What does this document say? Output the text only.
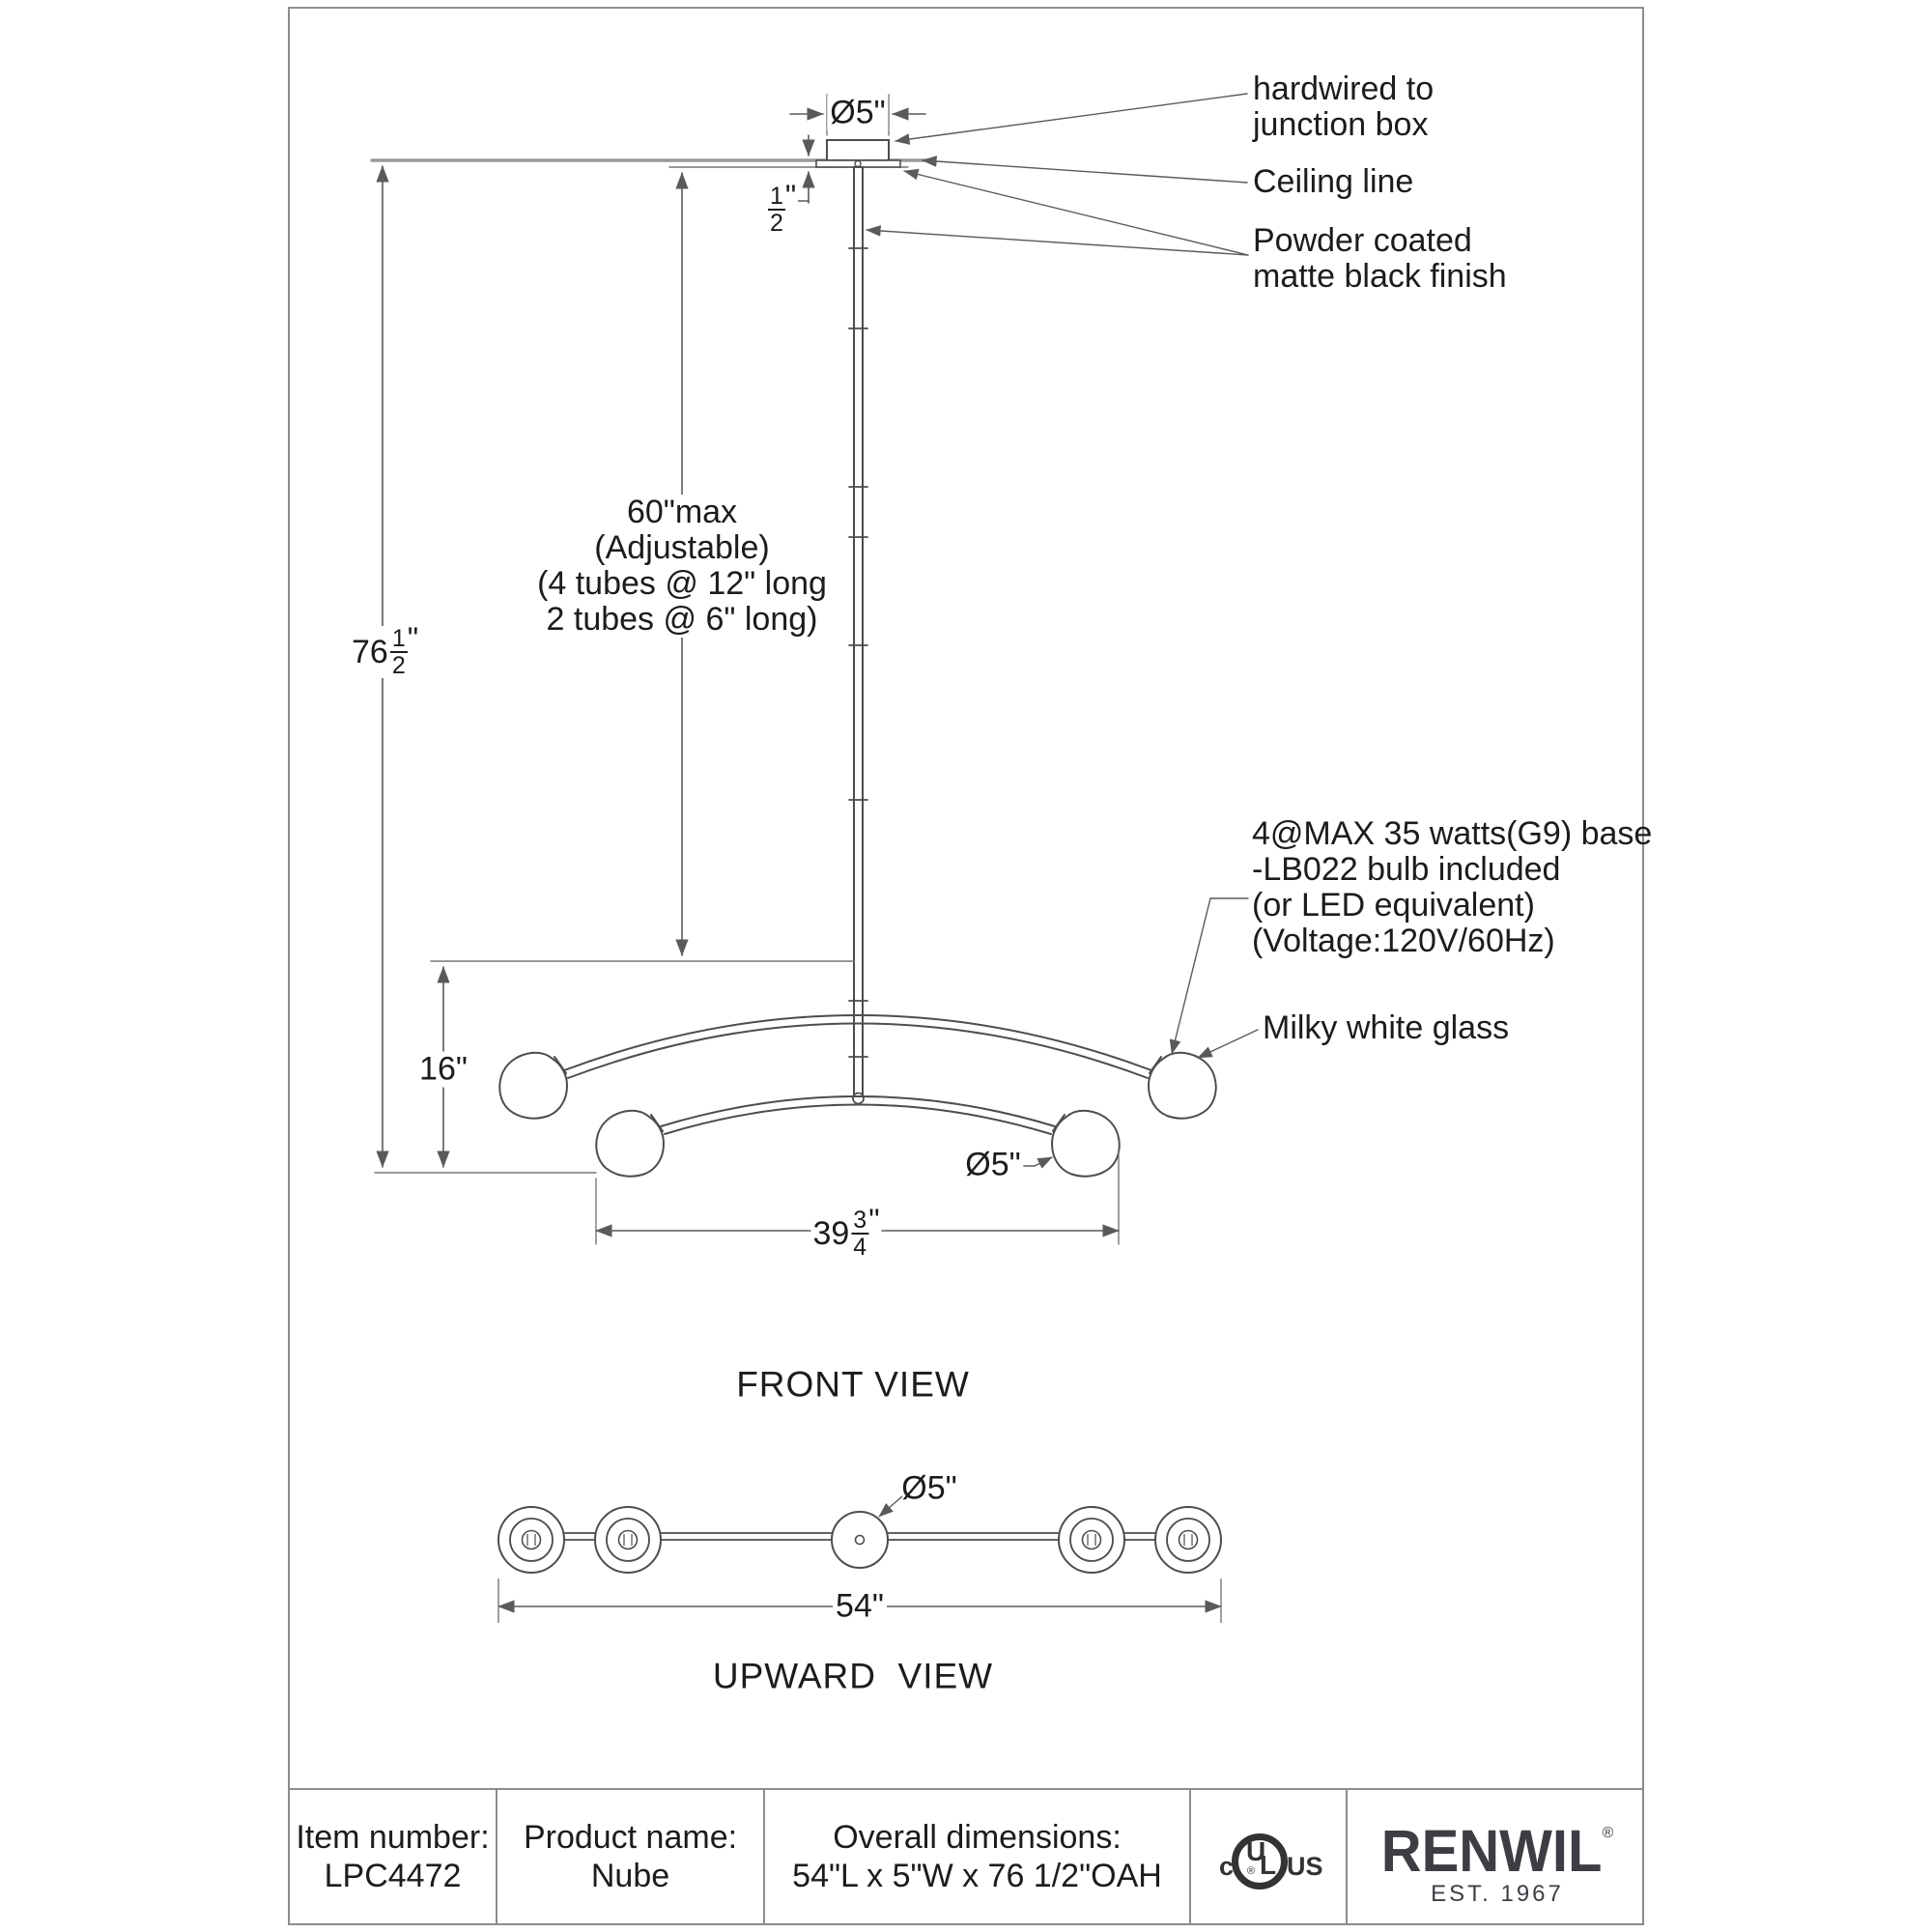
Ø5"
$\frac{1}{2}$ "
hardwired to
junction box
Ceiling line
Powder coated
matte black finish
$76 \frac{1}{2}$ "
60"max
(Adjustable)
(4 tubes @ 12" long
2 tubes @ 6" long)
4@MAX 35 watts(G9) base
-LB022 bulb included
(or LED equivalent)
(Voltage:120V/60Hz)
Milky white glass
16"
Ø5"
$39 \frac{3}{4}$ "
FRONT VIEW
Ø5"
54"
UPWARD  VIEW
Item number:
LPC4472
Product name:
Nube
Overall dimensions:
54"L x 5"W x 76 1/2"OAH c U
L
® US	RENWIL®
EST. 1967
